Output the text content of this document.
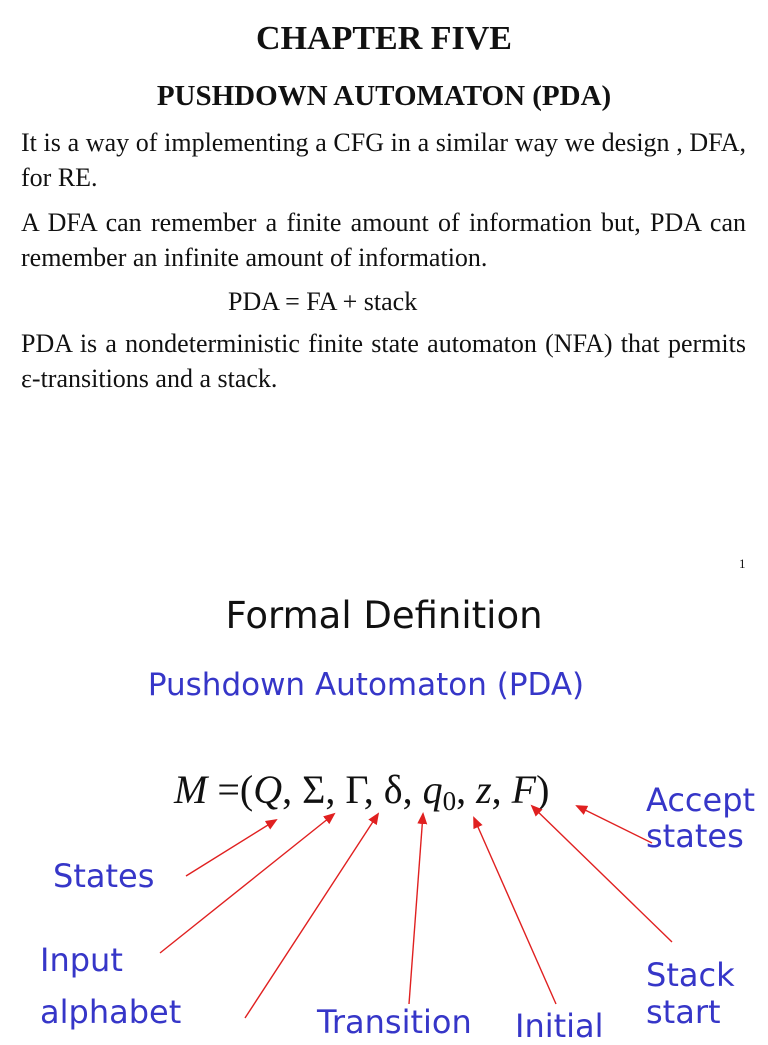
CHAPTER FIVE
PUSHDOWN AUTOMATON (PDA)
It is a way of implementing a CFG in a similar way we design , DFA, for RE.
A DFA can remember a finite amount of information but, PDA can remember an infinite amount of information.
PDA = FA + stack
PDA is a nondeterministic finite state automaton (NFA) that permits ε-transitions and a stack.
1
Formal Definition
Pushdown Automaton (PDA)
M =(Q, Σ, Γ, δ, $q_0$, z, F)
States
Input
alphabet	Transition Initial
Stack
start
Accept
states
